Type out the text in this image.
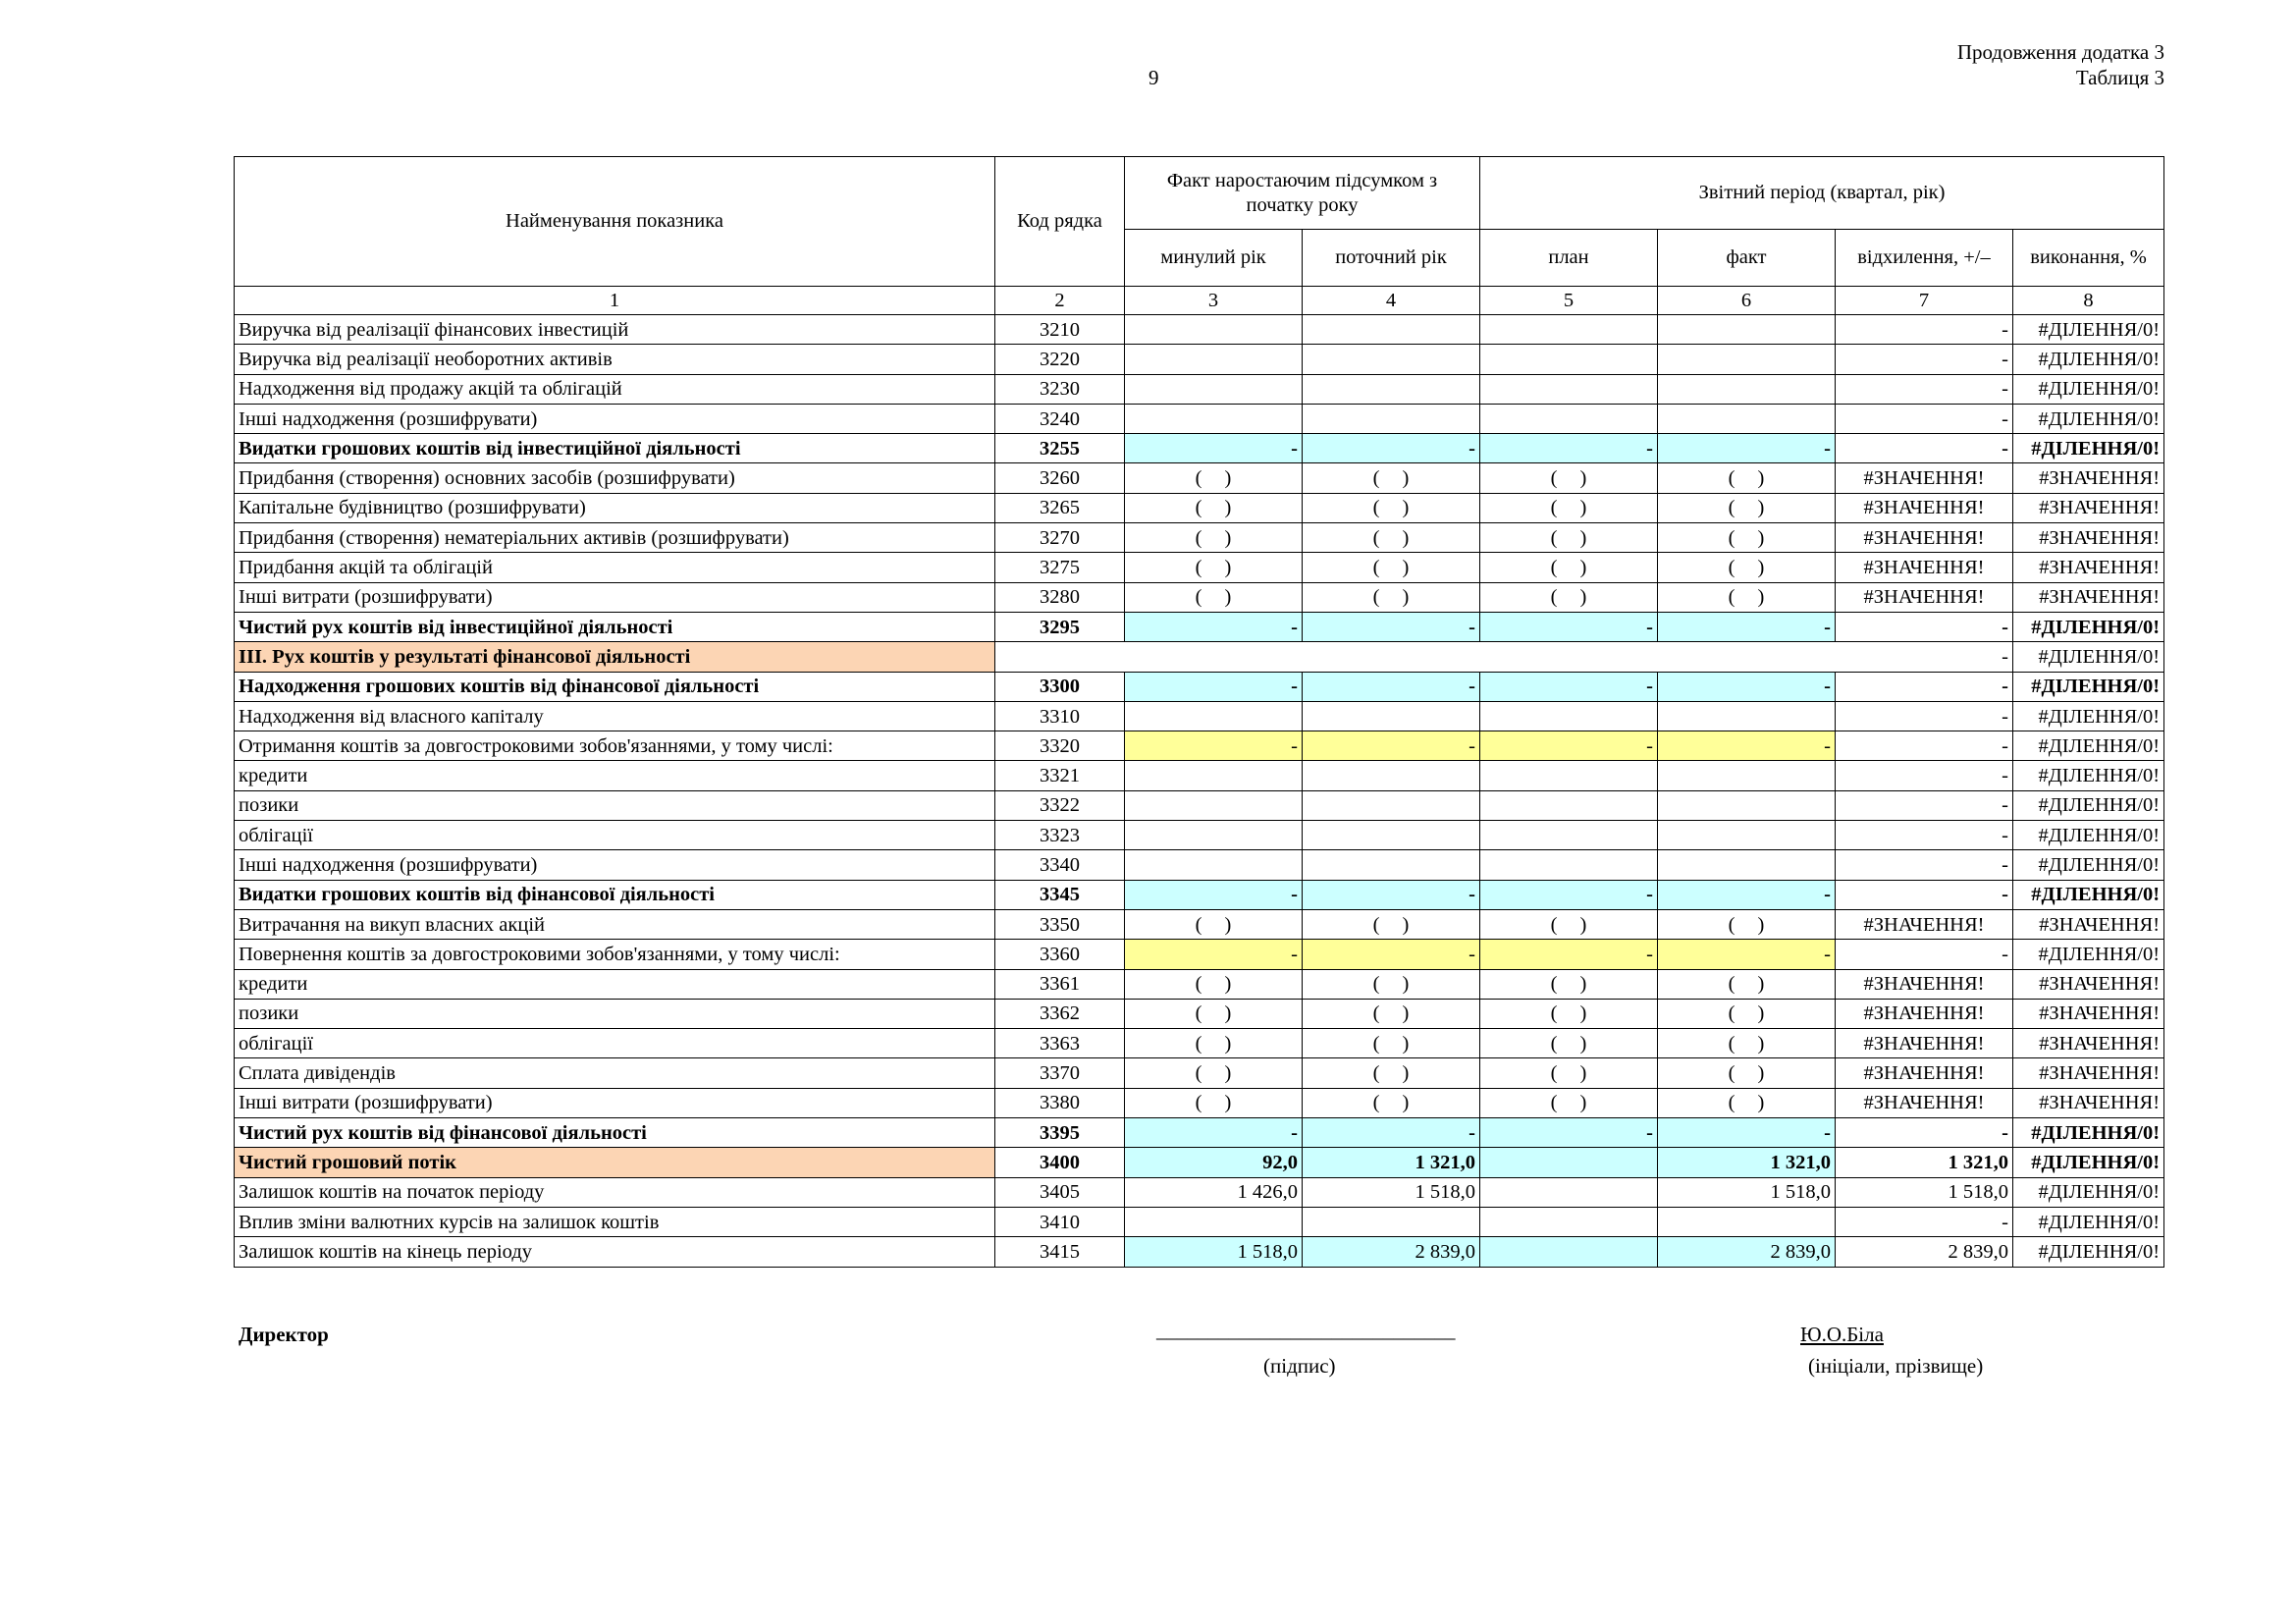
9
Продовження додатка 3
Таблиця 3
Найменування показника	Код рядка	Факт наростаючим підсумком з початку року		Звітний період (квартал, рік)			
		минулий рік	поточний рік	план	факт	відхилення, +/–	виконання, %
1	2	3	4	5	6	7	8
Виручка від реалізації фінансових інвестицій	3210					-	#ДІЛЕННЯ/0!
Виручка від реалізації необоротних активів	3220					-	#ДІЛЕННЯ/0!
Надходження від продажу акцій та облігацій	3230					-	#ДІЛЕННЯ/0!
Інші надходження (розшифрувати)	3240					-	#ДІЛЕННЯ/0!
Видатки грошових коштів від інвестиційної діяльності	3255	-	-	-	-	-	#ДІЛЕННЯ/0!
Придбання (створення) основних засобів (розшифрувати)	3260	( )	( )	( )	( )	#ЗНАЧЕННЯ!	#ЗНАЧЕННЯ!
Капітальне будівництво (розшифрувати)	3265	( )	( )	( )	( )	#ЗНАЧЕННЯ!	#ЗНАЧЕННЯ!
Придбання (створення) нематеріальних активів (розшифрувати)	3270	( )	( )	( )	( )	#ЗНАЧЕННЯ!	#ЗНАЧЕННЯ!
Придбання акцій та облігацій	3275	( )	( )	( )	( )	#ЗНАЧЕННЯ!	#ЗНАЧЕННЯ!
Інші витрати (розшифрувати)	3280	( )	( )	( )	( )	#ЗНАЧЕННЯ!	#ЗНАЧЕННЯ!
Чистий рух коштів від інвестиційної діяльності	3295	-	-	-	-	-	#ДІЛЕННЯ/0!
ІІІ. Рух коштів у результаті фінансової діяльності						-	#ДІЛЕННЯ/0!
Надходження грошових коштів від фінансової діяльності	3300	-	-	-	-	-	#ДІЛЕННЯ/0!
Надходження від власного капіталу	3310					-	#ДІЛЕННЯ/0!
Отримання коштів за довгостроковими зобов'язаннями, у тому числі:	3320	-	-	-	-	-	#ДІЛЕННЯ/0!
кредити	3321					-	#ДІЛЕННЯ/0!
позики	3322					-	#ДІЛЕННЯ/0!
облігації	3323					-	#ДІЛЕННЯ/0!
Інші надходження (розшифрувати)	3340					-	#ДІЛЕННЯ/0!
Видатки грошових коштів від фінансової діяльності	3345	-	-	-	-	-	#ДІЛЕННЯ/0!
Витрачання на викуп власних акцій	3350	( )	( )	( )	( )	#ЗНАЧЕННЯ!	#ЗНАЧЕННЯ!
Повернення коштів за довгостроковими зобов'язаннями, у тому числі:	3360	-	-	-	-	-	#ДІЛЕННЯ/0!
кредити	3361	( )	( )	( )	( )	#ЗНАЧЕННЯ!	#ЗНАЧЕННЯ!
позики	3362	( )	( )	( )	( )	#ЗНАЧЕННЯ!	#ЗНАЧЕННЯ!
облігації	3363	( )	( )	( )	( )	#ЗНАЧЕННЯ!	#ЗНАЧЕННЯ!
Сплата дивідендів	3370	( )	( )	( )	( )	#ЗНАЧЕННЯ!	#ЗНАЧЕННЯ!
Інші витрати (розшифрувати)	3380	( )	( )	( )	( )	#ЗНАЧЕННЯ!	#ЗНАЧЕННЯ!
Чистий рух коштів від фінансової діяльності	3395	-	-	-	-	-	#ДІЛЕННЯ/0!
Чистий грошовий потік	3400	92,0	1 321,0		1 321,0	1 321,0	#ДІЛЕННЯ/0!
Залишок коштів на початок періоду	3405	1 426,0	1 518,0		1 518,0	1 518,0	#ДІЛЕННЯ/0!
Вплив зміни валютних курсів на залишок коштів	3410					-	#ДІЛЕННЯ/0!
Залишок коштів на кінець періоду	3415	1 518,0	2 839,0		2 839,0	2 839,0	#ДІЛЕННЯ/0!
Директор	_____________________________
(підпис)
Ю.О.Біла
(ініціали, прізвище)
